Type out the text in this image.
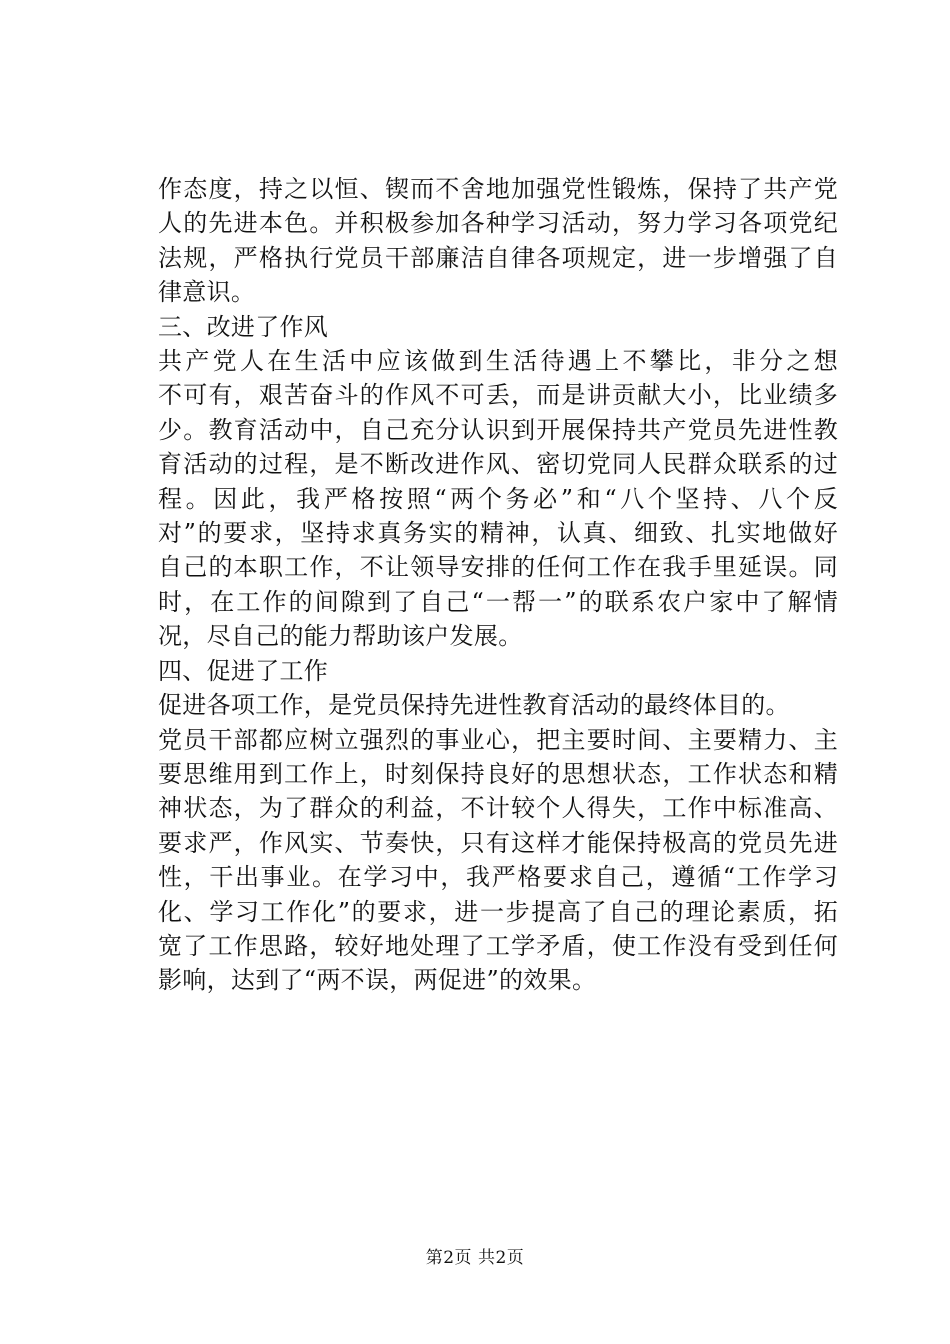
作态度，持之以恒、锲而不舍地加强党性锻炼，保持了共产党
人的先进本色。并积极参加各种学习活动，努力学习各项党纪
法规，严格执行党员干部廉洁自律各项规定，进一步增强了自
律意识。
三、改进了作风
共产党人在生活中应该做到生活待遇上不攀比，非分之想
不可有，艰苦奋斗的作风不可丢，而是讲贡献大小，比业绩多
少。教育活动中，自己充分认识到开展保持共产党员先进性教
育活动的过程，是不断改进作风、密切党同人民群众联系的过
程。因此，我严格按照“两个务必”和“八个坚持、八个反
对”的要求，坚持求真务实的精神，认真、细致、扎实地做好
自己的本职工作，不让领导安排的任何工作在我手里延误。同
时，在工作的间隙到了自己“一帮一”的联系农户家中了解情
况，尽自己的能力帮助该户发展。
四、促进了工作
促进各项工作，是党员保持先进性教育活动的最终体目的。
党员干部都应树立强烈的事业心，把主要时间、主要精力、主
要思维用到工作上，时刻保持良好的思想状态，工作状态和精
神状态，为了群众的利益，不计较个人得失，工作中标准高、
要求严，作风实、节奏快，只有这样才能保持极高的党员先进
性，干出事业。在学习中，我严格要求自己，遵循“工作学习
化、学习工作化”的要求，进一步提高了自己的理论素质，拓
宽了工作思路，较好地处理了工学矛盾，使工作没有受到任何
影响，达到了“两不误，两促进”的效果。
第2页 共2页
